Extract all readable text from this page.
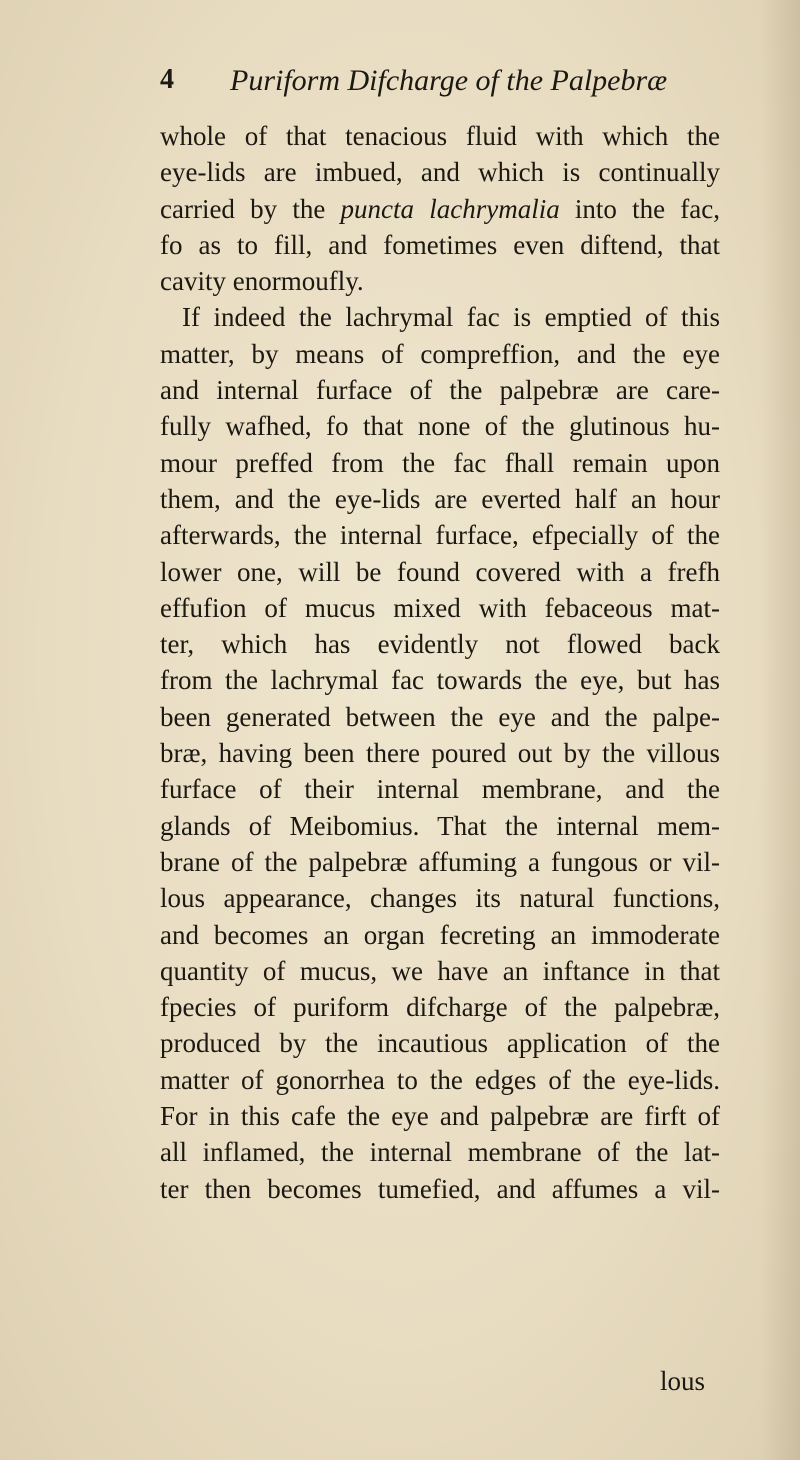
4 Puriform Difcharge of the Palpebræ
whole of that tenacious fluid with which the
eye-lids are imbued, and which is continually
carried by the puncta lachrymalia into the fac,
fo as to fill, and fometimes even diftend, that
cavity enormoufly.
If indeed the lachrymal fac is emptied of this
matter, by means of compreffion, and the eye
and internal furface of the palpebræ are care-
fully wafhed, fo that none of the glutinous hu-
mour preffed from the fac fhall remain upon
them, and the eye-lids are everted half an hour
afterwards, the internal furface, efpecially of the
lower one, will be found covered with a frefh
effufion of mucus mixed with febaceous mat-
ter, which has evidently not flowed back
from the lachrymal fac towards the eye, but has
been generated between the eye and the palpe-
bræ, having been there poured out by the villous
furface of their internal membrane, and the
glands of Meibomius. That the internal mem-
brane of the palpebræ affuming a fungous or vil-
lous appearance, changes its natural functions,
and becomes an organ fecreting an immoderate
quantity of mucus, we have an inftance in that
fpecies of puriform difcharge of the palpebræ,
produced by the incautious application of the
matter of gonorrhea to the edges of the eye-lids.
For in this cafe the eye and palpebræ are firft of
all inflamed, the internal membrane of the lat-
ter then becomes tumefied, and affumes a vil-
lous
